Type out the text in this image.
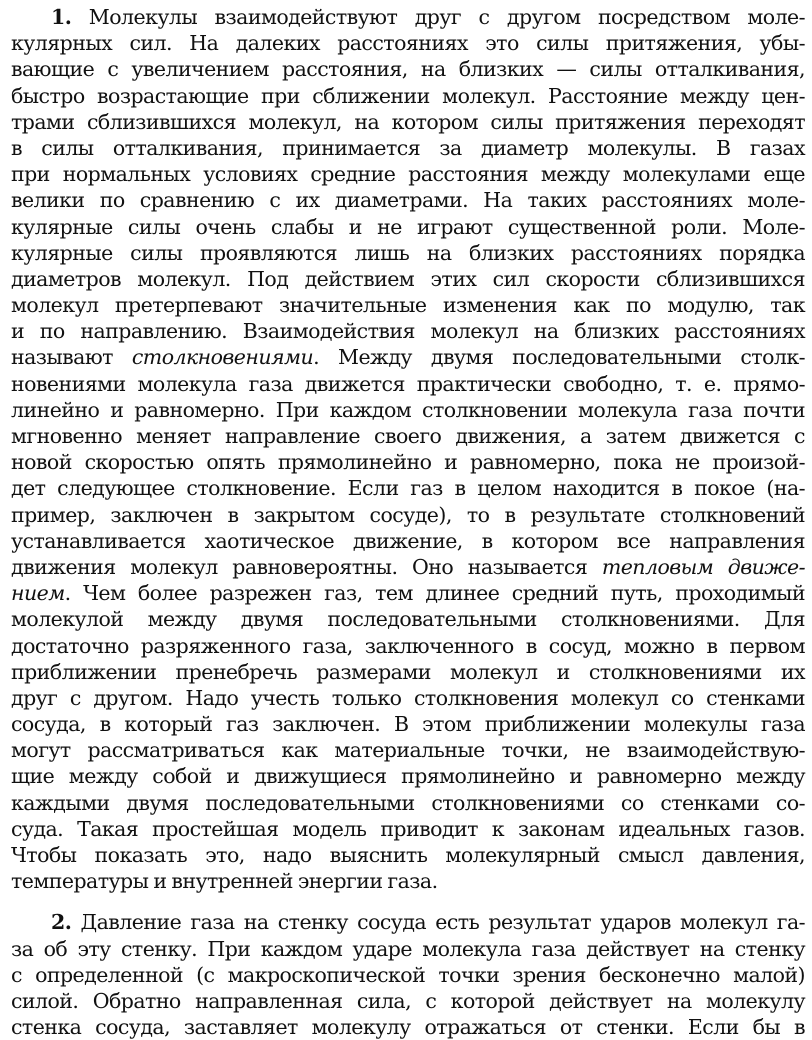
1. Молекулы взаимодействуют друг с другом посредством моле-
кулярных сил. На далеких расстояниях это силы притяжения, убы-
вающие с увеличением расстояния, на близких — силы отталкивания,
быстро возрастающие при сближении молекул. Расстояние между цен-
трами сблизившихся молекул, на котором силы притяжения переходят
в силы отталкивания, принимается за диаметр молекулы. В газах
при нормальных условиях средние расстояния между молекулами еще
велики по сравнению с их диаметрами. На таких расстояниях моле-
кулярные силы очень слабы и не играют существенной роли. Моле-
кулярные силы проявляются лишь на близких расстояниях порядка
диаметров молекул. Под действием этих сил скорости сблизившихся
молекул претерпевают значительные изменения как по модулю, так
и по направлению. Взаимодействия молекул на близких расстояниях
называют столкновениями. Между двумя последовательными столк-
новениями молекула газа движется практически свободно, т. е. прямо-
линейно и равномерно. При каждом столкновении молекула газа почти
мгновенно меняет направление своего движения, а затем движется с
новой скоростью опять прямолинейно и равномерно, пока не произой-
дет следующее столкновение. Если газ в целом находится в покое (на-
пример, заключен в закрытом сосуде), то в результате столкновений
устанавливается хаотическое движение, в котором все направления
движения молекул равновероятны. Оно называется тепловым движе-
нием. Чем более разрежен газ, тем длинее средний путь, проходимый
молекулой между двумя последовательными столкновениями. Для
достаточно разряженного газа, заключенного в сосуд, можно в первом
приближении пренебречь размерами молекул и столкновениями их
друг с другом. Надо учесть только столкновения молекул со стенками
сосуда, в который газ заключен. В этом приближении молекулы газа
могут рассматриваться как материальные точки, не взаимодействую-
щие между собой и движущиеся прямолинейно и равномерно между
каждыми двумя последовательными столкновениями со стенками со-
суда. Такая простейшая модель приводит к законам идеальных газов.
Чтобы показать это, надо выяснить молекулярный смысл давления,
температуры и внутренней энергии газа.

2. Давление газа на стенку сосуда есть результат ударов молекул га-
за об эту стенку. При каждом ударе молекула газа действует на стенку
с определенной (с макроскопической точки зрения бесконечно малой)
силой. Обратно направленная сила, с которой действует на молекулу
стенка сосуда, заставляет молекулу отражаться от стенки. Если бы в
